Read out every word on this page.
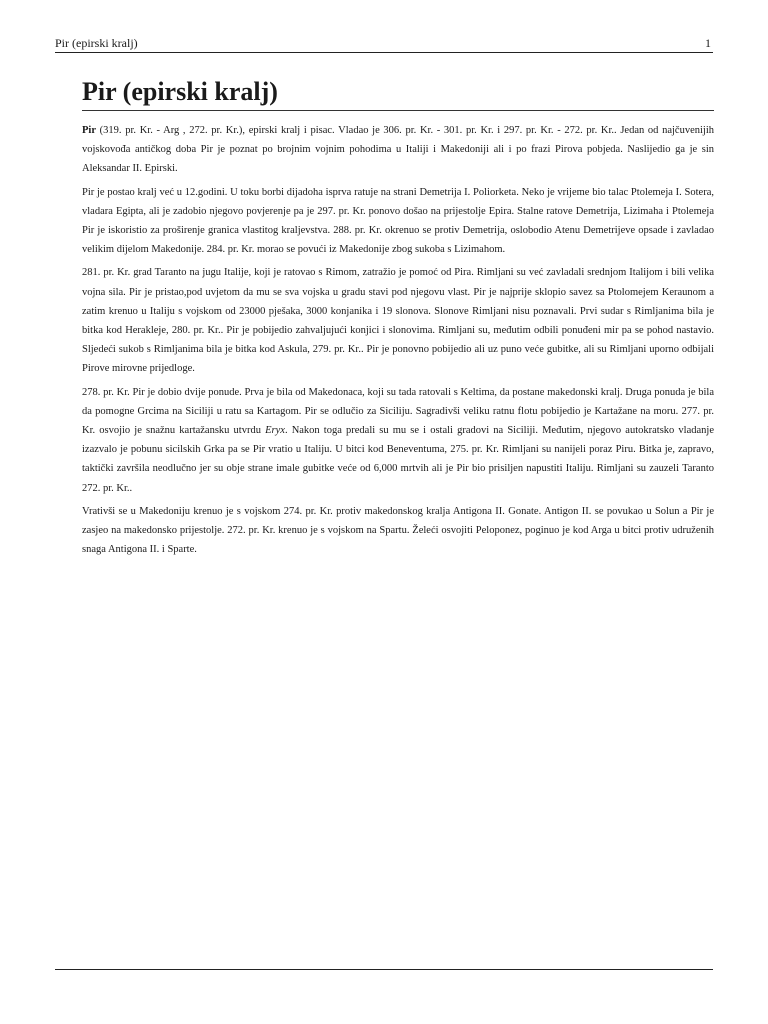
Pir (epirski kralj)	1
Pir (epirski kralj)

Pir (319. pr. Kr. - Arg , 272. pr. Kr.), epirski kralj i pisac. Vladao je 306. pr. Kr. - 301. pr. Kr. i 297. pr. Kr. - 272. pr. Kr.. Jedan od najčuvenijih vojskovođa antičkog doba Pir je poznat po brojnim vojnim pohodima u Italiji i Makedoniji ali i po frazi Pirova pobjeda. Naslijedio ga je sin Aleksandar II. Epirski.

Pir je postao kralj već u 12.godini. U toku borbi dijadoha isprva ratuje na strani Demetrija I. Poliorketa. Neko je vrijeme bio talac Ptolemeja I. Sotera, vladara Egipta, ali je zadobio njegovo povjerenje pa je 297. pr. Kr. ponovo došao na prijestolje Epira. Stalne ratove Demetrija, Lizimaha i Ptolemeja Pir je iskoristio za proširenje granica vlastitog kraljevstva. 288. pr. Kr. okrenuo se protiv Demetrija, oslobodio Atenu Demetrijeve opsade i zavladao velikim dijelom Makedonije. 284. pr. Kr. morao se povući iz Makedonije zbog sukoba s Lizimahom.

281. pr. Kr. grad Taranto na jugu Italije, koji je ratovao s Rimom, zatražio je pomoć od Pira. Rimljani su već zavladali srednjom Italijom i bili velika vojna sila. Pir je pristao,pod uvjetom da mu se sva vojska u gradu stavi pod njegovu vlast. Pir je najprije sklopio savez sa Ptolomejem Keraunom a zatim krenuo u Italiju s vojskom od 23000 pješaka, 3000 konjanika i 19 slonova. Slonove Rimljani nisu poznavali. Prvi sudar s Rimljanima bila je bitka kod Herakleje, 280. pr. Kr.. Pir je pobijedio zahvaljujući konjici i slonovima. Rimljani su, međutim odbili ponuđeni mir pa se pohod nastavio. Sljedeći sukob s Rimljanima bila je bitka kod Askula, 279. pr. Kr.. Pir je ponovno pobijedio ali uz puno veće gubitke, ali su Rimljani uporno odbijali Pirove mirovne prijedloge.

278. pr. Kr. Pir je dobio dvije ponude. Prva je bila od Makedonaca, koji su tada ratovali s Keltima, da postane makedonski kralj. Druga ponuda je bila da pomogne Grcima na Siciliji u ratu sa Kartagom. Pir se odlučio za Siciliju. Sagradivši veliku ratnu flotu pobijedio je Kartažane na moru. 277. pr. Kr. osvojio je snažnu kartažansku utvrdu Eryx. Nakon toga predali su mu se i ostali gradovi na Siciliji. Međutim, njegovo autokratsko vladanje izazvalo je pobunu sicilskih Grka pa se Pir vratio u Italiju. U bitci kod Beneventuma, 275. pr. Kr. Rimljani su nanijeli poraz Piru. Bitka je, zapravo, taktički završila neodlučno jer su obje strane imale gubitke veće od 6,000 mrtvih ali je Pir bio prisiljen napustiti Italiju. Rimljani su zauzeli Taranto 272. pr. Kr..

Vrativši se u Makedoniju krenuo je s vojskom 274. pr. Kr. protiv makedonskog kralja Antigona II. Gonate. Antigon II. se povukao u Solun a Pir je zasjeo na makedonsko prijestolje. 272. pr. Kr. krenuo je s vojskom na Spartu. Želeći osvojiti Peloponez, poginuo je kod Arga u bitci protiv udruženih snaga Antigona II. i Sparte.
